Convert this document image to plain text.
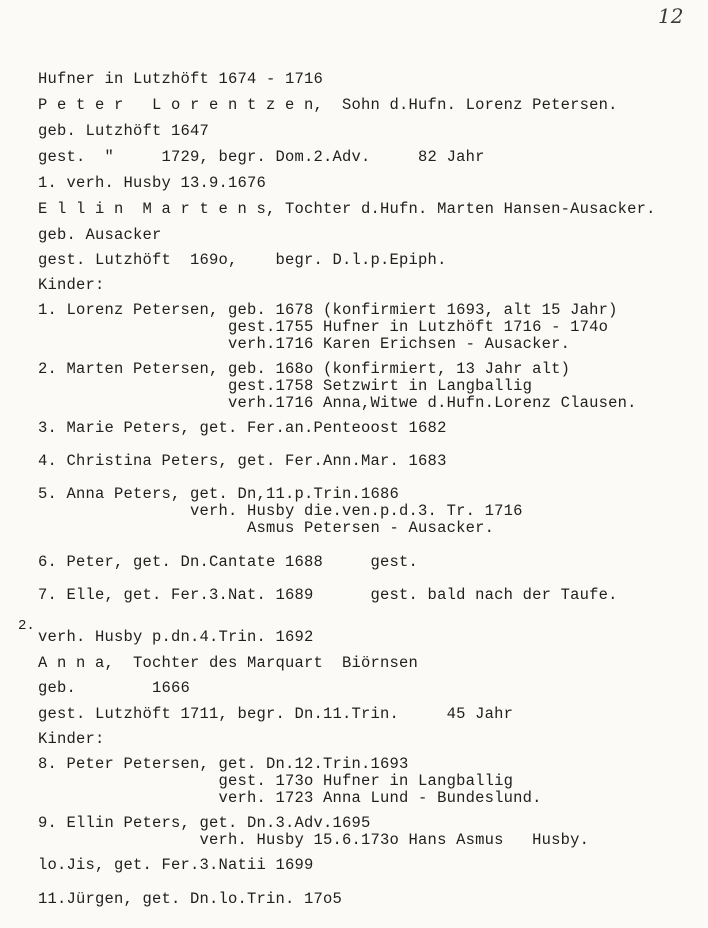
12
2.
Hufner in Lutzhöft 1674 - 1716
P e t e r   L o r e n t z e n,  Sohn d.Hufn. Lorenz Petersen.
geb. Lutzhöft 1647
gest.  "     1729, begr. Dom.2.Adv.     82 Jahr
1. verh. Husby 13.9.1676
E l l i n  M a r t e n s, Tochter d.Hufn. Marten Hansen-Ausacker.
geb. Ausacker
gest. Lutzhöft  169o,    begr. D.l.p.Epiph.
Kinder:
1. Lorenz Petersen, geb. 1678 (konfirmiert 1693, alt 15 Jahr)
gest.1755 Hufner in Lutzhöft 1716 - 174o
verh.1716 Karen Erichsen - Ausacker.
2. Marten Petersen, geb. 168o (konfirmiert, 13 Jahr alt)
gest.1758 Setzwirt in Langballig
verh.1716 Anna,Witwe d.Hufn.Lorenz Clausen.
3. Marie Peters, get. Fer.an.Penteoost 1682
4. Christina Peters, get. Fer.Ann.Mar. 1683
5. Anna Peters, get. Dn,11.p.Trin.1686
verh. Husby die.ven.p.d.3. Tr. 1716
Asmus Petersen - Ausacker.
6. Peter, get. Dn.Cantate 1688     gest.
7. Elle, get. Fer.3.Nat. 1689      gest. bald nach der Taufe.
verh. Husby p.dn.4.Trin. 1692
A n n a,  Tochter des Marquart  Biörnsen
geb.        1666
gest. Lutzhöft 1711, begr. Dn.11.Trin.     45 Jahr
Kinder:
8. Peter Petersen, get. Dn.12.Trin.1693
gest. 173o Hufner in Langballig
verh. 1723 Anna Lund - Bundeslund.
9. Ellin Peters, get. Dn.3.Adv.1695
verh. Husby 15.6.173o Hans Asmus   Husby.
lo.Jis, get. Fer.3.Natii 1699
11.Jürgen, get. Dn.lo.Trin. 17o5
